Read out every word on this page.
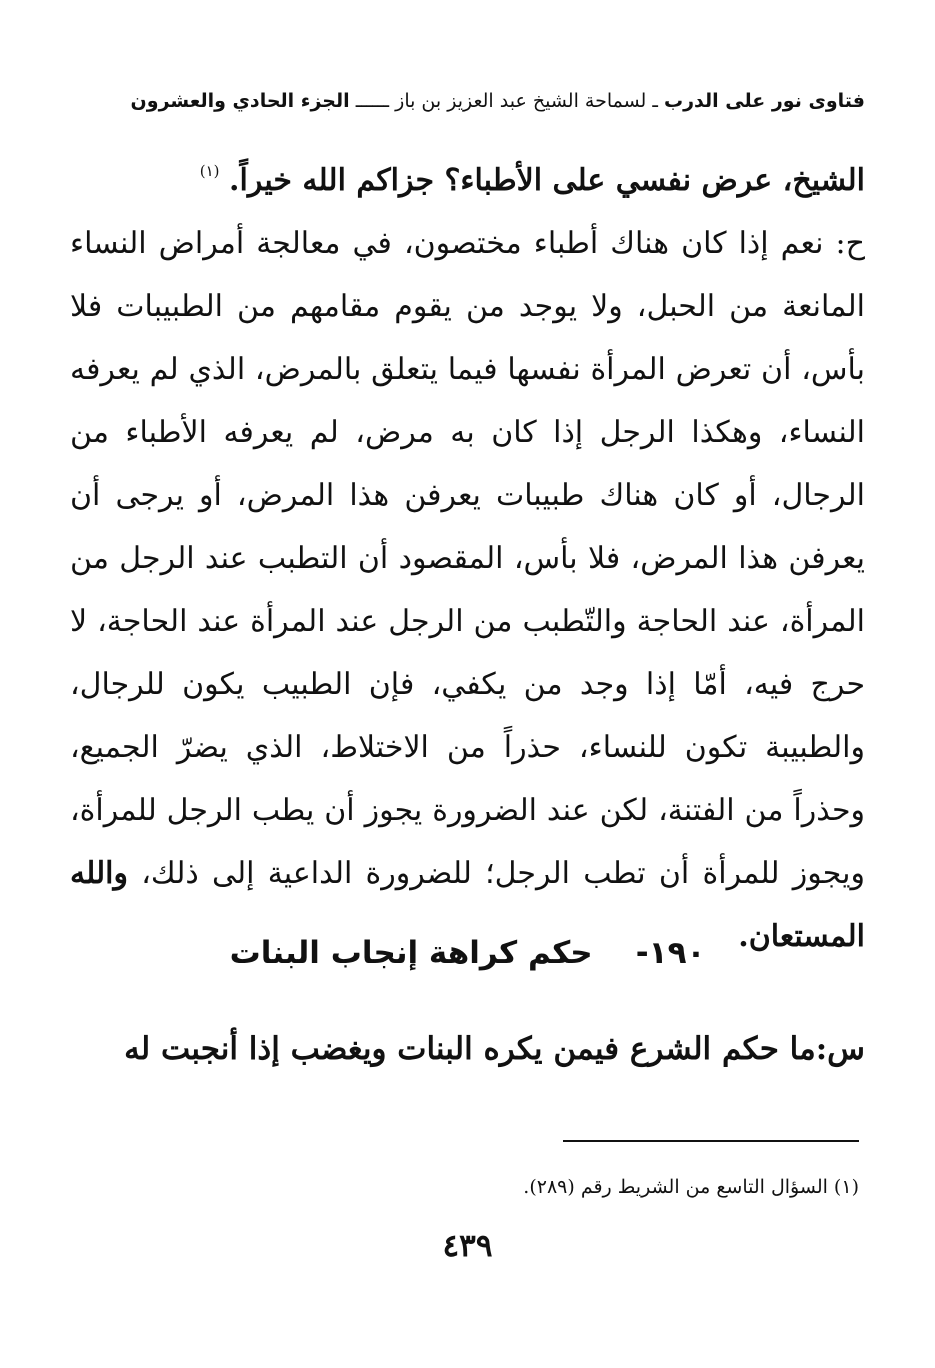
فتاوى نور على الدرب ـ لسماحة الشيخ عبد العزيز بن باز ــــــ الجزء الحادي والعشرون

الشيخ، عرض نفسي على الأطباء؟ جزاكم الله خيراً. $^{(١)}$

ح: نعم إذا كان هناك أطباء مختصون، في معالجة أمراض النساء المانعة من الحبل، ولا يوجد من يقوم مقامهم من الطبيبات فلا بأس، أن تعرض المرأة نفسها فيما يتعلق بالمرض، الذي لم يعرفه النساء، وهكذا الرجل إذا كان به مرض، لم يعرفه الأطباء من الرجال، أو كان هناك طبيبات يعرفن هذا المرض، أو يرجى أن يعرفن هذا المرض، فلا بأس، المقصود أن التطبب عند الرجل من المرأة، عند الحاجة والتّطبب من الرجل عند المرأة عند الحاجة، لا حرج فيه، أمّا إذا وجد من يكفي، فإن الطبيب يكون للرجال، والطبيبة تكون للنساء، حذراً من الاختلاط، الذي يضرّ الجميع، وحذراً من الفتنة، لكن عند الضرورة يجوز أن يطب الرجل للمرأة، ويجوز للمرأة أن تطب الرجل؛ للضرورة الداعية إلى ذلك، والله المستعان.

١٩٠-    حكم كراهة إنجاب البنات
س:ما حكم الشرع فيمن يكره البنات ويغضب إذا أنجبت له
(١) السؤال التاسع من الشريط رقم (٢٨٩).
٤٣٩
